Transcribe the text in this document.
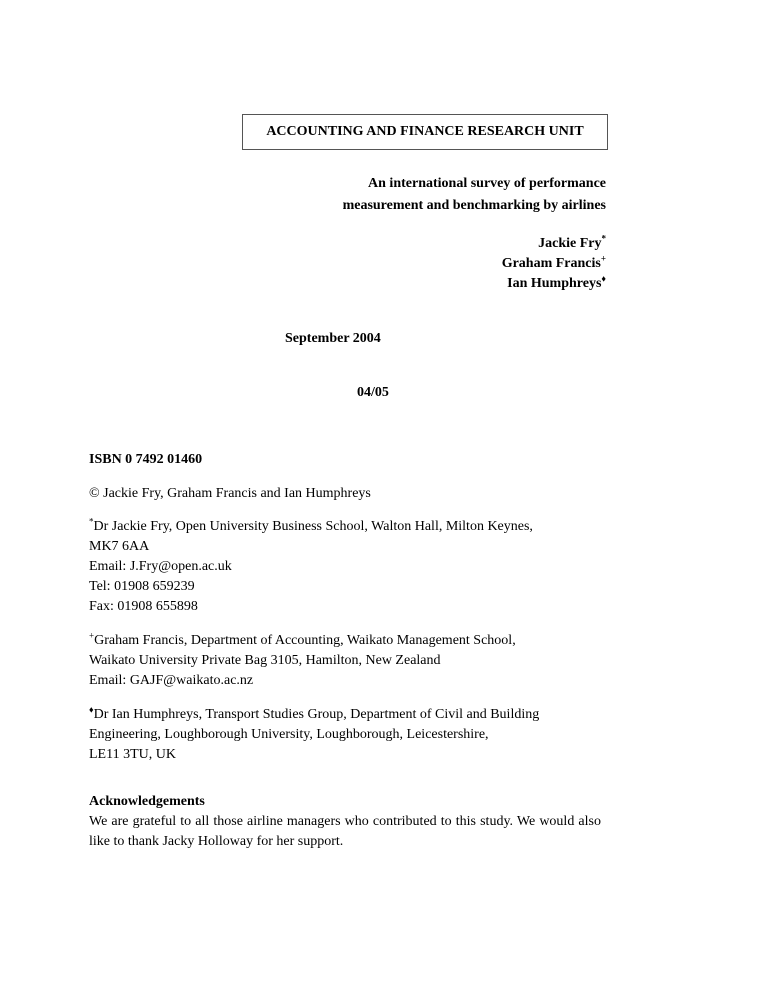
ACCOUNTING AND FINANCE RESEARCH UNIT
An international survey of performance
measurement and benchmarking by airlines
Jackie Fry*
Graham Francis+
Ian Humphreys♦
September 2004
04/05
ISBN 0 7492 01460
© Jackie Fry, Graham Francis and Ian Humphreys
*Dr Jackie Fry, Open University Business School, Walton Hall, Milton Keynes,
MK7 6AA
Email: J.Fry@open.ac.uk
Tel: 01908 659239
Fax: 01908 655898
+Graham Francis, Department of Accounting, Waikato Management School,
Waikato University Private Bag 3105, Hamilton, New Zealand
Email: GAJF@waikato.ac.nz
♦Dr Ian Humphreys, Transport Studies Group, Department of Civil and Building
Engineering, Loughborough University, Loughborough, Leicestershire,
LE11 3TU, UK
Acknowledgements
We are grateful to all those airline managers who contributed to this study. We would also like to thank Jacky Holloway for her support.
